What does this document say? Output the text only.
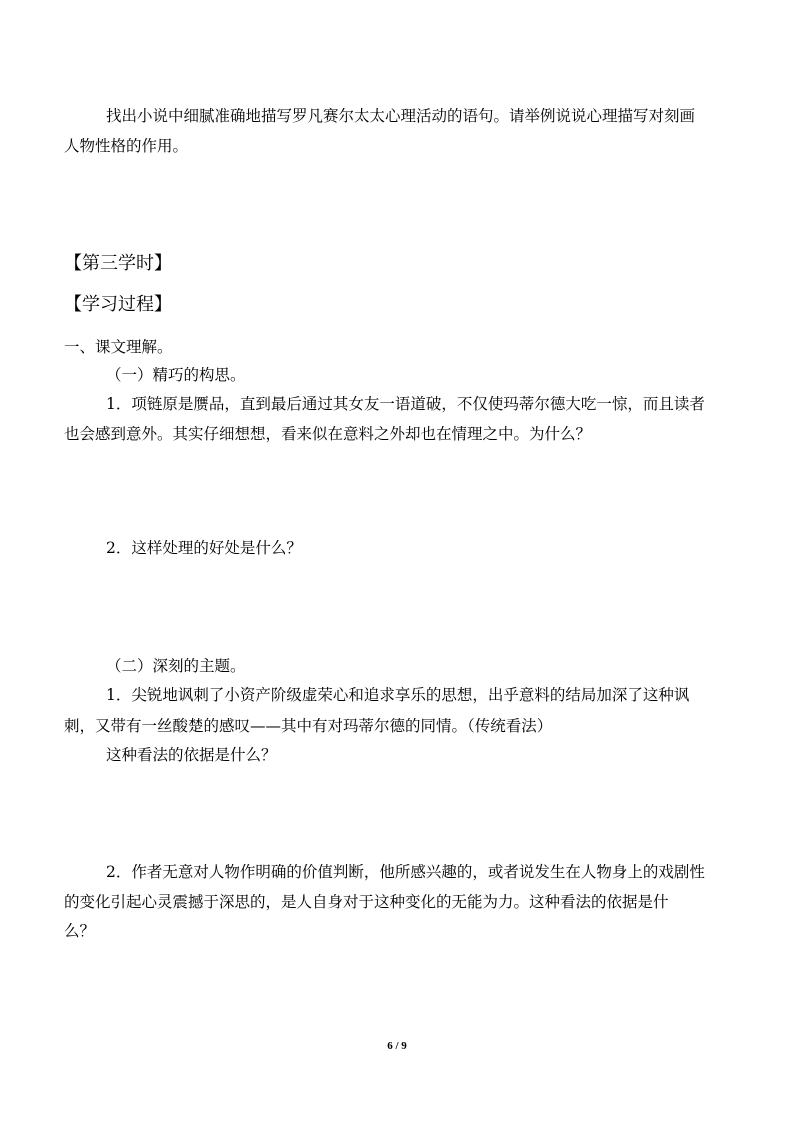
找出小说中细腻准确地描写罗凡赛尔太太心理活动的语句。请举例说说心理描写对刻画
人物性格的作用。
【第三学时】
【学习过程】
一、课文理解。
（一）精巧的构思。
1．项链原是赝品，直到最后通过其女友一语道破，不仅使玛蒂尔德大吃一惊，而且读者
也会感到意外。其实仔细想想，看来似在意料之外却也在情理之中。为什么？
2．这样处理的好处是什么？
（二）深刻的主题。
1．尖锐地讽刺了小资产阶级虚荣心和追求享乐的思想，出乎意料的结局加深了这种讽
刺，又带有一丝酸楚的感叹——其中有对玛蒂尔德的同情。（传统看法）
这种看法的依据是什么？
2．作者无意对人物作明确的价值判断，他所感兴趣的，或者说发生在人物身上的戏剧性
的变化引起心灵震撼于深思的，是人自身对于这种变化的无能为力。这种看法的依据是什
么？
6 / 9
